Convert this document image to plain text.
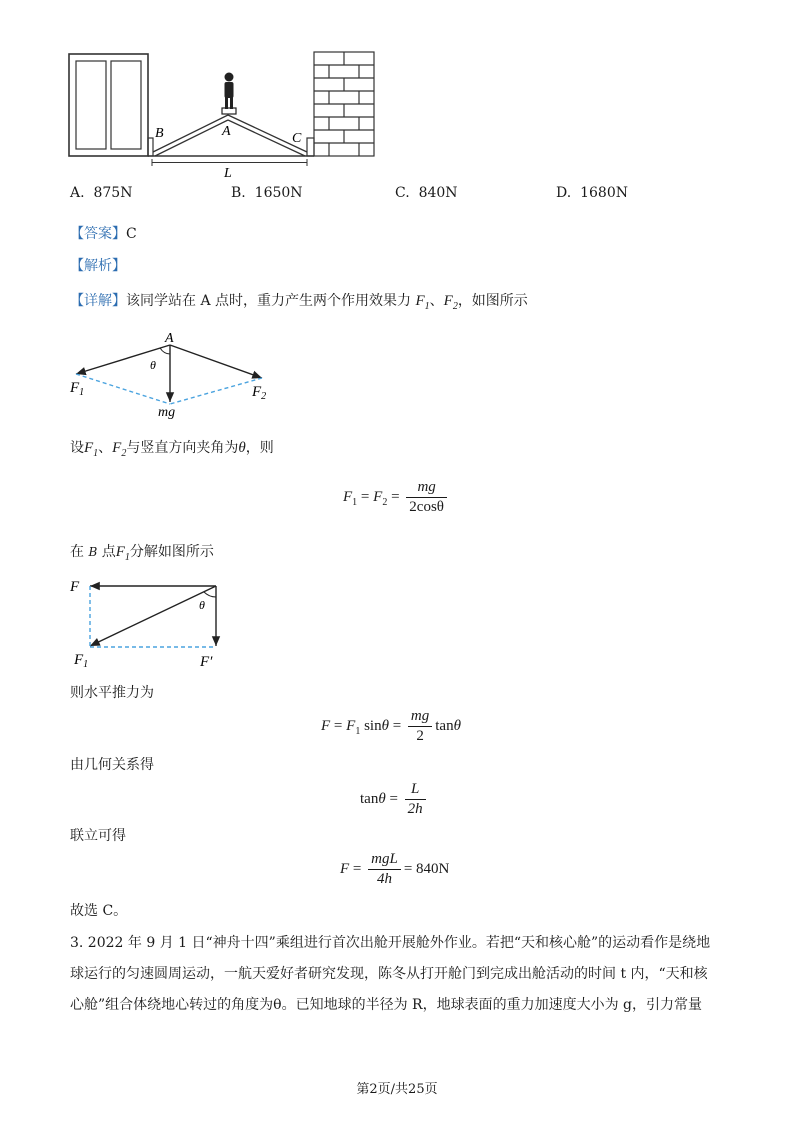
B	A	C
L
A. 875N	B. 1650N	C. 840N	D. 1680N
【答案】C
【解析】
【详解】该同学站在 A 点时，重力产生两个作用效果力 $F_1$、$F_2$，如图所示
A
θ
$F_1$	$F_2$
mg
设$F_1$、$F_2$与竖直方向夹角为θ，则
$F_1 = F_2 = \frac{mg}{2\cos\theta}$
在 B 点$F_1$分解如图所示
F
θ
$F_1$	F′
则水平推力为
$F = F_1$ $\sin\theta = \frac{mg}{2}$ tanθ
由几何关系得
$\tan\theta = \frac{L}{2h}$
联立可得
$F = \frac{\text{mgL}}{4h} = 840N$
故选 C。
3. 2022 年 9 月 1 日“神舟十四”乘组进行首次出舱开展舱外作业。若把“天和核心舱”的运动看作是绕地
球运行的匀速圆周运动，一航天爱好者研究发现，陈冬从打开舱门到完成出舱活动的时间 t 内，“天和核
心舱”组合体绕地心转过的角度为θ。已知地球的半径为 R，地球表面的重力加速度大小为 g，引力常量
第2页/共25页
